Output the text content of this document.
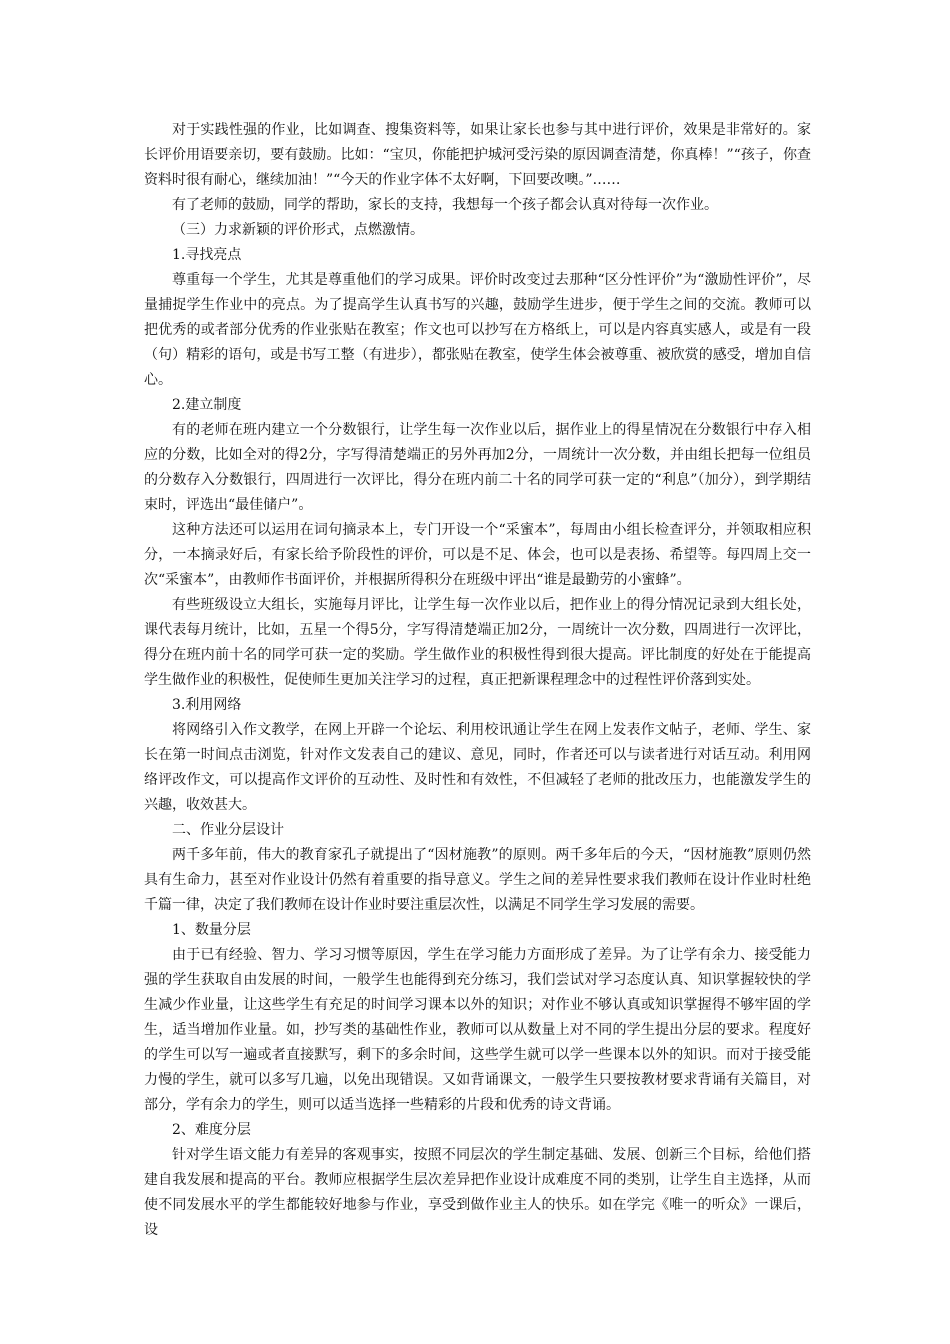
对于实践性强的作业，比如调查、搜集资料等，如果让家长也参与其中进行评价，效果是非常好的。家长评价用语要亲切，要有鼓励。比如：“宝贝，你能把护城河受污染的原因调查清楚，你真棒！”“孩子，你查资料时很有耐心，继续加油！”“今天的作业字体不太好啊，下回要改噢。”……

有了老师的鼓励，同学的帮助，家长的支持，我想每一个孩子都会认真对待每一次作业。

（三）力求新颖的评价形式，点燃激情。

1.寻找亮点

尊重每一个学生，尤其是尊重他们的学习成果。评价时改变过去那种“区分性评价”为“激励性评价”，尽量捕捉学生作业中的亮点。为了提高学生认真书写的兴趣，鼓励学生进步，便于学生之间的交流。教师可以把优秀的或者部分优秀的作业张贴在教室；作文也可以抄写在方格纸上，可以是内容真实感人，或是有一段（句）精彩的语句，或是书写工整（有进步），都张贴在教室，使学生体会被尊重、被欣赏的感受，增加自信心。

2.建立制度

有的老师在班内建立一个分数银行，让学生每一次作业以后，据作业上的得星情况在分数银行中存入相应的分数，比如全对的得2分，字写得清楚端正的另外再加2分，一周统计一次分数，并由组长把每一位组员的分数存入分数银行，四周进行一次评比，得分在班内前二十名的同学可获一定的“利息”（加分），到学期结束时，评选出“最佳储户”。

这种方法还可以运用在词句摘录本上，专门开设一个“采蜜本”，每周由小组长检查评分，并领取相应积分，一本摘录好后，有家长给予阶段性的评价，可以是不足、体会，也可以是表扬、希望等。每四周上交一次“采蜜本”，由教师作书面评价，并根据所得积分在班级中评出“谁是最勤劳的小蜜蜂”。

有些班级设立大组长，实施每月评比，让学生每一次作业以后，把作业上的得分情况记录到大组长处，课代表每月统计，比如，五星一个得5分，字写得清楚端正加2分，一周统计一次分数，四周进行一次评比，得分在班内前十名的同学可获一定的奖励。学生做作业的积极性得到很大提高。评比制度的好处在于能提高学生做作业的积极性，促使师生更加关注学习的过程，真正把新课程理念中的过程性评价落到实处。

3.利用网络

将网络引入作文教学，在网上开辟一个论坛、利用校讯通让学生在网上发表作文帖子，老师、学生、家长在第一时间点击浏览，针对作文发表自己的建议、意见，同时，作者还可以与读者进行对话互动。利用网络评改作文，可以提高作文评价的互动性、及时性和有效性，不但减轻了老师的批改压力，也能激发学生的兴趣，收效甚大。

二、作业分层设计

两千多年前，伟大的教育家孔子就提出了“因材施教”的原则。两千多年后的今天，“因材施教”原则仍然具有生命力，甚至对作业设计仍然有着重要的指导意义。学生之间的差异性要求我们教师在设计作业时杜绝千篇一律，决定了我们教师在设计作业时要注重层次性，以满足不同学生学习发展的需要。

1、数量分层

由于已有经验、智力、学习习惯等原因，学生在学习能力方面形成了差异。为了让学有余力、接受能力强的学生获取自由发展的时间，一般学生也能得到充分练习，我们尝试对学习态度认真、知识掌握较快的学生减少作业量，让这些学生有充足的时间学习课本以外的知识；对作业不够认真或知识掌握得不够牢固的学生，适当增加作业量。如，抄写类的基础性作业，教师可以从数量上对不同的学生提出分层的要求。程度好的学生可以写一遍或者直接默写，剩下的多余时间，这些学生就可以学一些课本以外的知识。而对于接受能力慢的学生，就可以多写几遍，以免出现错误。又如背诵课文，一般学生只要按教材要求背诵有关篇目，对部分，学有余力的学生，则可以适当选择一些精彩的片段和优秀的诗文背诵。

2、难度分层

针对学生语文能力有差异的客观事实，按照不同层次的学生制定基础、发展、创新三个目标，给他们搭建自我发展和提高的平台。教师应根据学生层次差异把作业设计成难度不同的类别，让学生自主选择，从而使不同发展水平的学生都能较好地参与作业，享受到做作业主人的快乐。如在学完《唯一的听众》一课后，设
